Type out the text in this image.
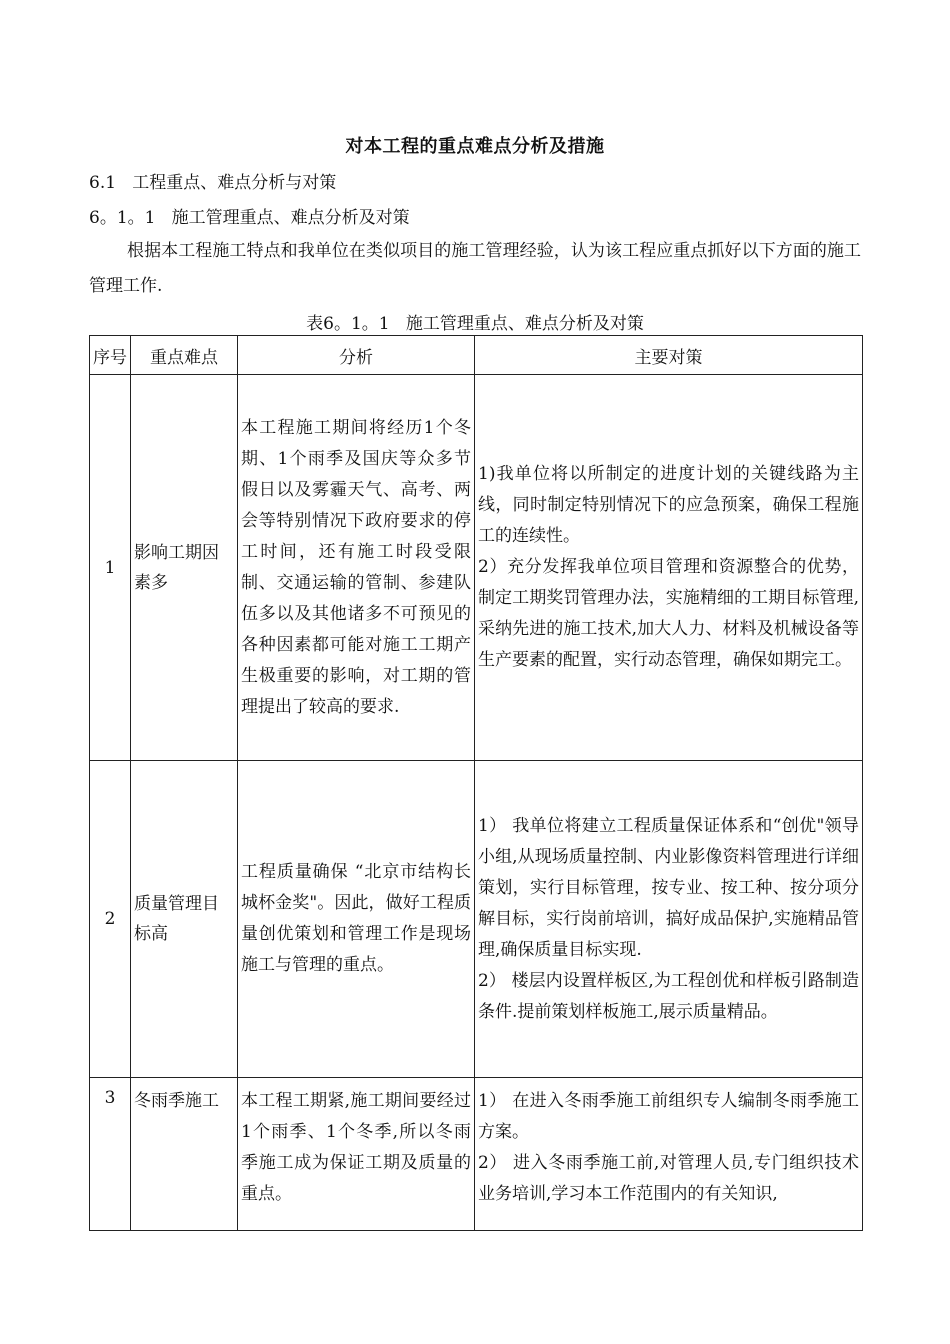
对本工程的重点难点分析及措施
6.1   工程重点、难点分析与对策
6。1。1   施工管理重点、难点分析及对策
根据本工程施工特点和我单位在类似项目的施工管理经验，认为该工程应重点抓好以下方面的施工管理工作.
表6。1。1   施工管理重点、难点分析及对策
序号	重点难点	分析	主要对策
1	影响工期因素多	本工程施工期间将经历1个冬期、1个雨季及国庆等众多节假日以及雾霾天气、高考、两会等特别情况下政府要求的停工时间，还有施工时段受限制、交通运输的管制、参建队伍多以及其他诸多不可预见的各种因素都可能对施工工期产生极重要的影响，对工期的管理提出了较高的要求.	1)我单位将以所制定的进度计划的关键线路为主线，同时制定特别情况下的应急预案，确保工程施工的连续性。
2）充分发挥我单位项目管理和资源整合的优势，制定工期奖罚管理办法，实施精细的工期目标管理,采纳先进的施工技术,加大人力、材料及机械设备等生产要素的配置，实行动态管理，确保如期完工。

2	质量管理目标高	工程质量确保 “北京市结构长城杯金奖"。因此，做好工程质量创优策划和管理工作是现场施工与管理的重点。	1） 我单位将建立工程质量保证体系和“创优"领导小组,从现场质量控制、内业影像资料管理进行详细策划，实行目标管理，按专业、按工种、按分项分解目标，实行岗前培训，搞好成品保护,实施精品管理,确保质量目标实现.
2） 楼层内设置样板区,为工程创优和样板引路制造条件.提前策划样板施工,展示质量精品。

3	冬雨季施工	本工程工期紧,施工期间要经过1个雨季、1个冬季,所以冬雨季施工成为保证工期及质量的重点。	1） 在进入冬雨季施工前组织专人编制冬雨季施工方案。
2） 进入冬雨季施工前,对管理人员,专门组织技术业务培训,学习本工作范围内的有关知识,
